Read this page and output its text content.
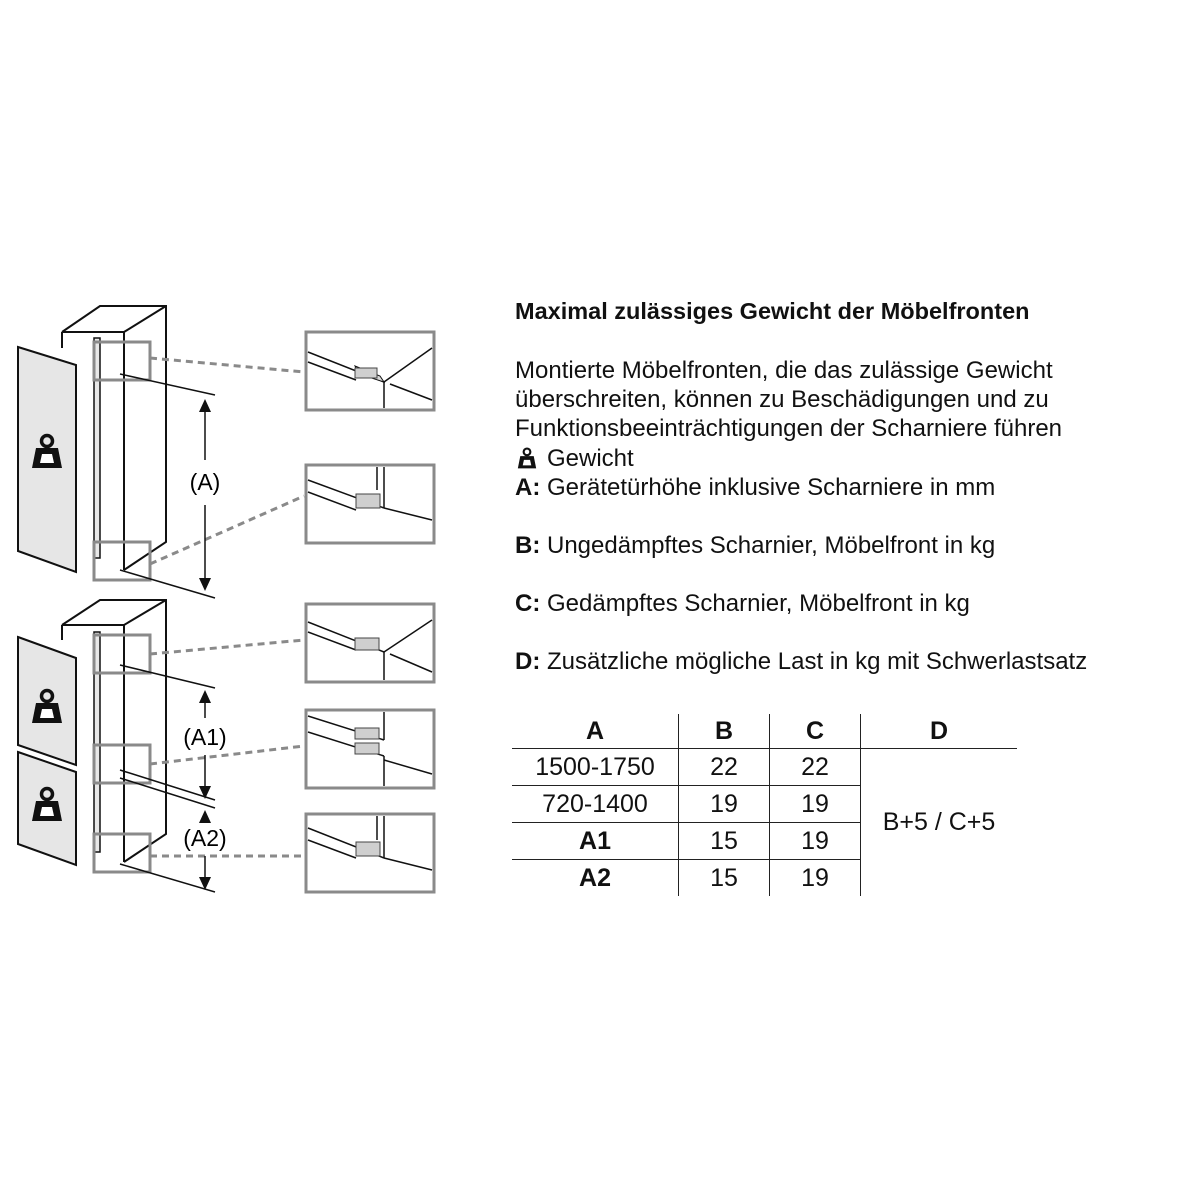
(A)
(A1)
(A2)
Maximal zulässiges Gewicht der Möbelfronten

Montierte Möbelfronten, die das zulässige Gewicht

überschreiten, können zu Beschädigungen und zu

Funktionsbeeinträchtigungen der Scharniere führen

Gewicht
A: Gerätetürhöhe inklusive Scharniere in mm
B: Ungedämpftes Scharnier, Möbelfront in kg
C: Gedämpftes Scharnier, Möbelfront in kg
D: Zusätzliche mögliche Last in kg mit Schwerlastsatz
A	B	C	D
1500-1750	22	22	B+5 / C+5
720-1400	19	19	
A1	15	19	
A2	15	19	
